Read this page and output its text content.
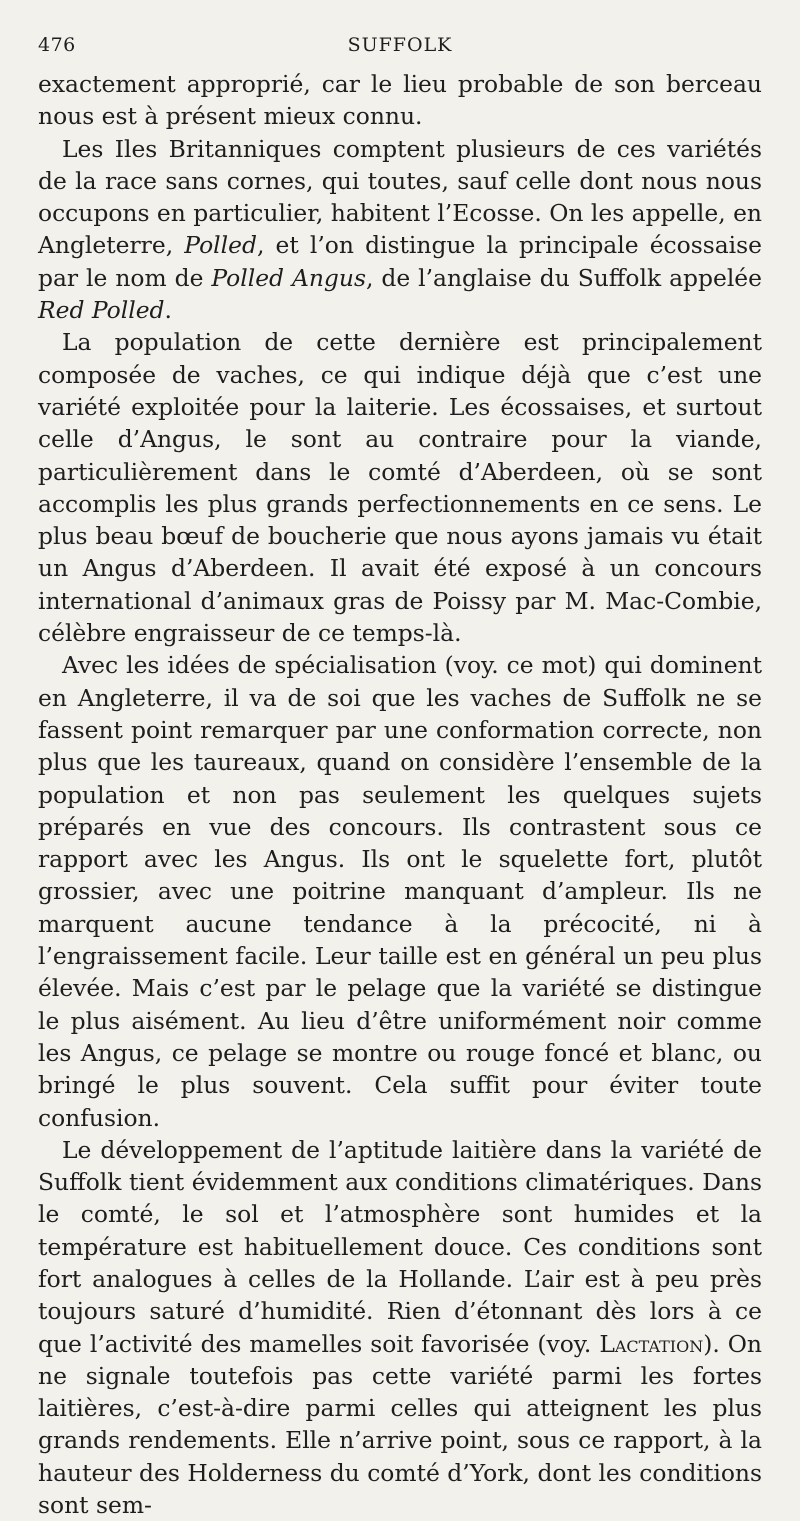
476	SUFFOLK

exactement approprié, car le lieu probable de son berceau nous est à présent mieux connu.

Les Iles Britanniques comptent plusieurs de ces variétés de la race sans cornes, qui toutes, sauf celle dont nous nous occupons en particulier, habitent l’Ecosse. On les appelle, en Angleterre, Polled, et l’on distingue la principale écossaise par le nom de Polled Angus, de l’anglaise du Suffolk appelée Red Polled.

La population de cette dernière est principalement composée de vaches, ce qui indique déjà que c’est une variété exploitée pour la laiterie. Les écossaises, et surtout celle d’Angus, le sont au contraire pour la viande, particulièrement dans le comté d’Aberdeen, où se sont accomplis les plus grands perfectionnements en ce sens. Le plus beau bœuf de boucherie que nous ayons jamais vu était un Angus d’Aberdeen. Il avait été exposé à un concours international d’animaux gras de Poissy par M. Mac-Combie, célèbre engraisseur de ce temps-là.

Avec les idées de spécialisation (voy. ce mot) qui dominent en Angleterre, il va de soi que les vaches de Suffolk ne se fassent point remarquer par une conformation correcte, non plus que les taureaux, quand on considère l’ensemble de la population et non pas seulement les quelques sujets préparés en vue des concours. Ils contrastent sous ce rapport avec les Angus. Ils ont le squelette fort, plutôt grossier, avec une poitrine manquant d’ampleur. Ils ne marquent aucune tendance à la précocité, ni à l’engraissement facile. Leur taille est en général un peu plus élevée. Mais c’est par le pelage que la variété se distingue le plus aisément. Au lieu d’être uniformément noir comme les Angus, ce pelage se montre ou rouge foncé et blanc, ou bringé le plus souvent. Cela suffit pour éviter toute confusion.

Le développement de l’aptitude laitière dans la variété de Suffolk tient évidemment aux conditions climatériques. Dans le comté, le sol et l’atmosphère sont humides et la température est habituellement douce. Ces conditions sont fort analogues à celles de la Hollande. L’air est à peu près toujours saturé d’humidité. Rien d’étonnant dès lors à ce que l’activité des mamelles soit favorisée (voy. Lactation). On ne signale toutefois pas cette variété parmi les fortes laitières, c’est-à-dire parmi celles qui atteignent les plus grands rendements. Elle n’arrive point, sous ce rapport, à la hauteur des Holderness du comté d’York, dont les conditions sont sem-
